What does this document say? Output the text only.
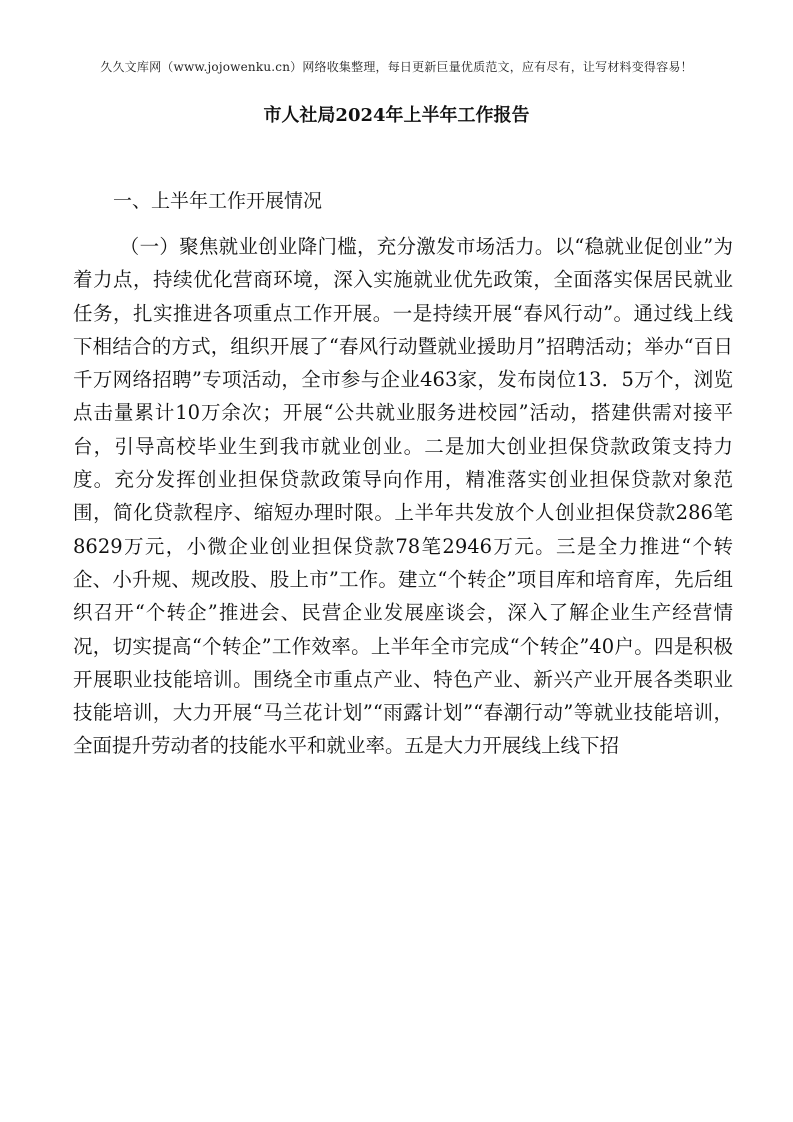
久久文库网（www.jojowenku.cn）网络收集整理，每日更新巨量优质范文，应有尽有，让写材料变得容易！
市人社局2024年上半年工作报告
一、上半年工作开展情况

（一）聚焦就业创业降门槛，充分激发市场活力。以“稳就业促创业”为着力点，持续优化营商环境，深入实施就业优先政策，全面落实保居民就业任务，扎实推进各项重点工作开展。一是持续开展“春风行动”。通过线上线下相结合的方式，组织开展了“春风行动暨就业援助月”招聘活动；举办“百日千万网络招聘”专项活动，全市参与企业463家，发布岗位13．5万个，浏览点击量累计10万余次；开展“公共就业服务进校园”活动，搭建供需对接平台，引导高校毕业生到我市就业创业。二是加大创业担保贷款政策支持力度。充分发挥创业担保贷款政策导向作用，精准落实创业担保贷款对象范围，简化贷款程序、缩短办理时限。上半年共发放个人创业担保贷款286笔8629万元，小微企业创业担保贷款78笔2946万元。三是全力推进“个转企、小升规、规改股、股上市”工作。建立“个转企”项目库和培育库，先后组织召开“个转企”推进会、民营企业发展座谈会，深入了解企业生产经营情况，切实提高“个转企”工作效率。上半年全市完成“个转企”40户。四是积极开展职业技能培训。围绕全市重点产业、特色产业、新兴产业开展各类职业技能培训，大力开展“马兰花计划”“雨露计划”“春潮行动”等就业技能培训，全面提升劳动者的技能水平和就业率。五是大力开展线上线下招
